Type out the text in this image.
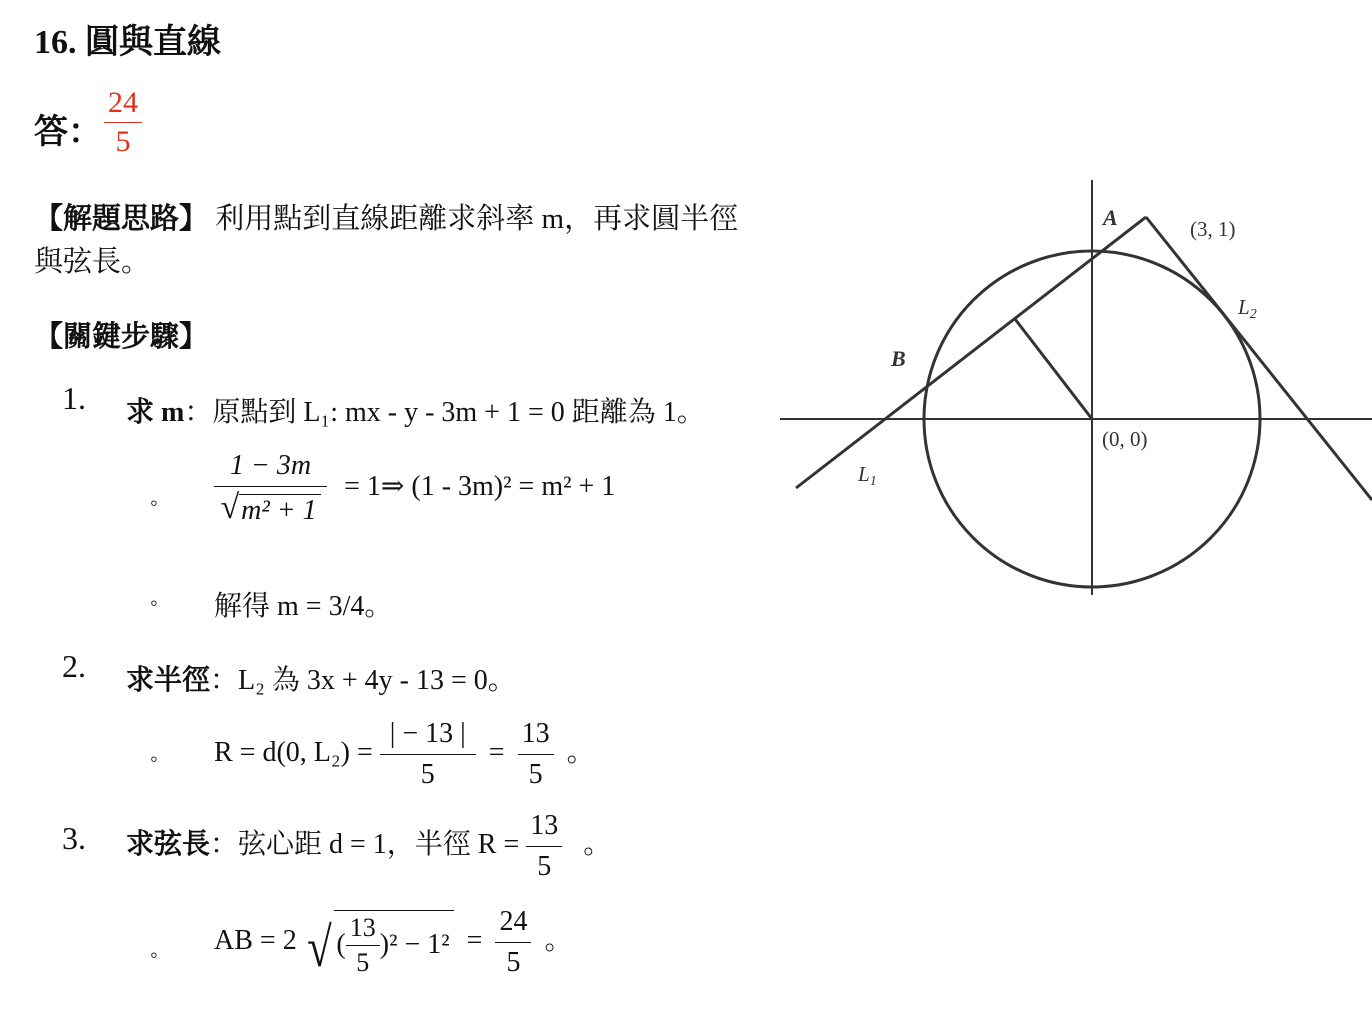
16. 圓與直線
答： $\frac{24}{5}$
【解題思路】 利用點到直線距離求斜率 m，再求圓半徑與弦長。
【關鍵步驟】
1. 求 m：原點到 L₁: mx - y - 3m + 1 = 0 距離為 1。
◦ $\frac{1 - 3m}{\text{√ m² + 1}}$ = 1⇒ (1 - 3m)² = m² + 1
◦ 解得 m = 3/4。
2. 求半徑：L₂ 為 3x + 4y - 13 = 0。
◦ R = d(0, $L_2) = \frac{| - 13 |}{5} = \frac{13}{5}$ 。
3. 求弦長：弦心距 d = 1，半徑 $R = \frac{13}{5}$ 。
◦ AB = 2 √ ( $\frac{13}{5} )^2 - 1^2 = \frac{24}{5}$ 。
A
B
(3, 1)
(0, 0)
L1
L2
